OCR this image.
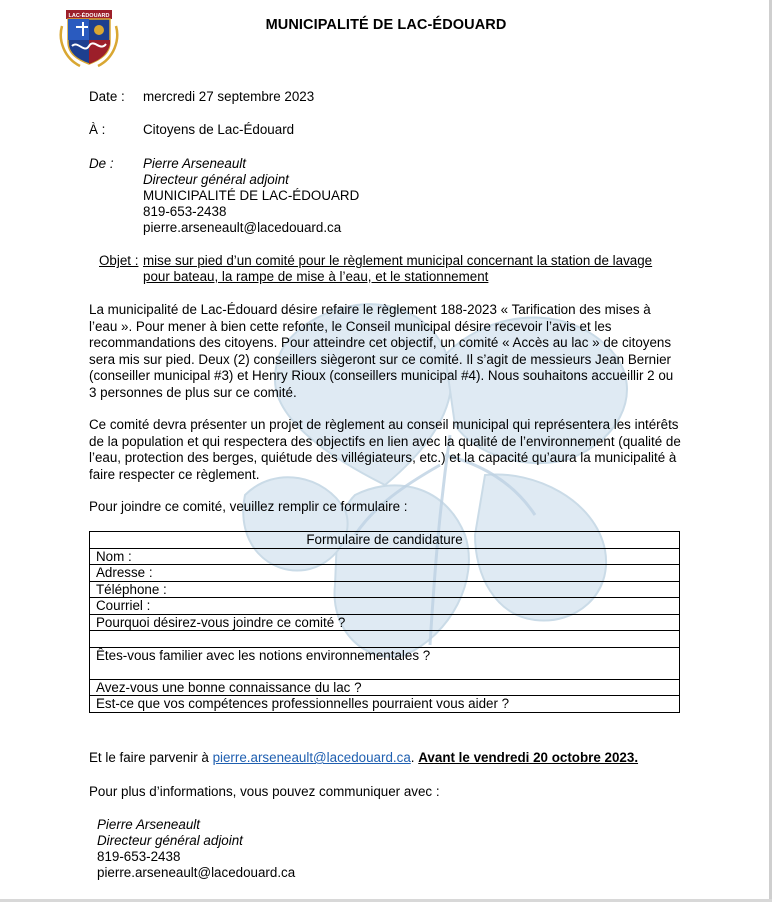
LAC-ÉDOUARD
MUNICIPALITÉ DE LAC-ÉDOUARD
Date : mercredi 27 septembre 2023
À :	Citoyens de Lac-Édouard
De : Pierre Arseneault
Directeur général adjoint
MUNICIPALITÉ DE LAC-ÉDOUARD
819-653-2438
pierre.arseneault@lacedouard.ca
Objet : mise sur pied d’un comité pour le règlement municipal concernant la station de lavage
pour bateau, la rampe de mise à l’eau, et le stationnement
La municipalité de Lac-Édouard désire refaire le règlement 188-2023 « Tarification des mises à l’eau ». Pour mener à bien cette refonte, le Conseil municipal désire recevoir l’avis et les recommandations des citoyens. Pour atteindre cet objectif, un comité « Accès au lac » de citoyens sera mis sur pied. Deux (2) conseillers siègeront sur ce comité. Il s’agit de messieurs Jean Bernier (conseiller municipal #3) et Henry Rioux (conseillers municipal #4). Nous souhaitons accueillir 2 ou 3 personnes de plus sur ce comité.
Ce comité devra présenter un projet de règlement au conseil municipal qui représentera les intérêts de la population et qui respectera des objectifs en lien avec la qualité de l’environnement (qualité de l’eau, protection des berges, quiétude des villégiateurs, etc.) et la capacité qu’aura la municipalité à faire respecter ce règlement.
Pour joindre ce comité, veuillez remplir ce formulaire :
Formulaire de candidature
Nom :
Adresse :
Téléphone :
Courriel :
Pourquoi désirez-vous joindre ce comité ?

Êtes-vous familier avec les notions environnementales ?
Avez-vous une bonne connaissance du lac ?
Est-ce que vos compétences professionnelles pourraient vous aider ?
Et le faire parvenir à pierre.arseneault@lacedouard.ca. Avant le vendredi 20 octobre 2023.
Pour plus d’informations, vous pouvez communiquer avec :
Pierre Arseneault
Directeur général adjoint
819-653-2438
pierre.arseneault@lacedouard.ca
